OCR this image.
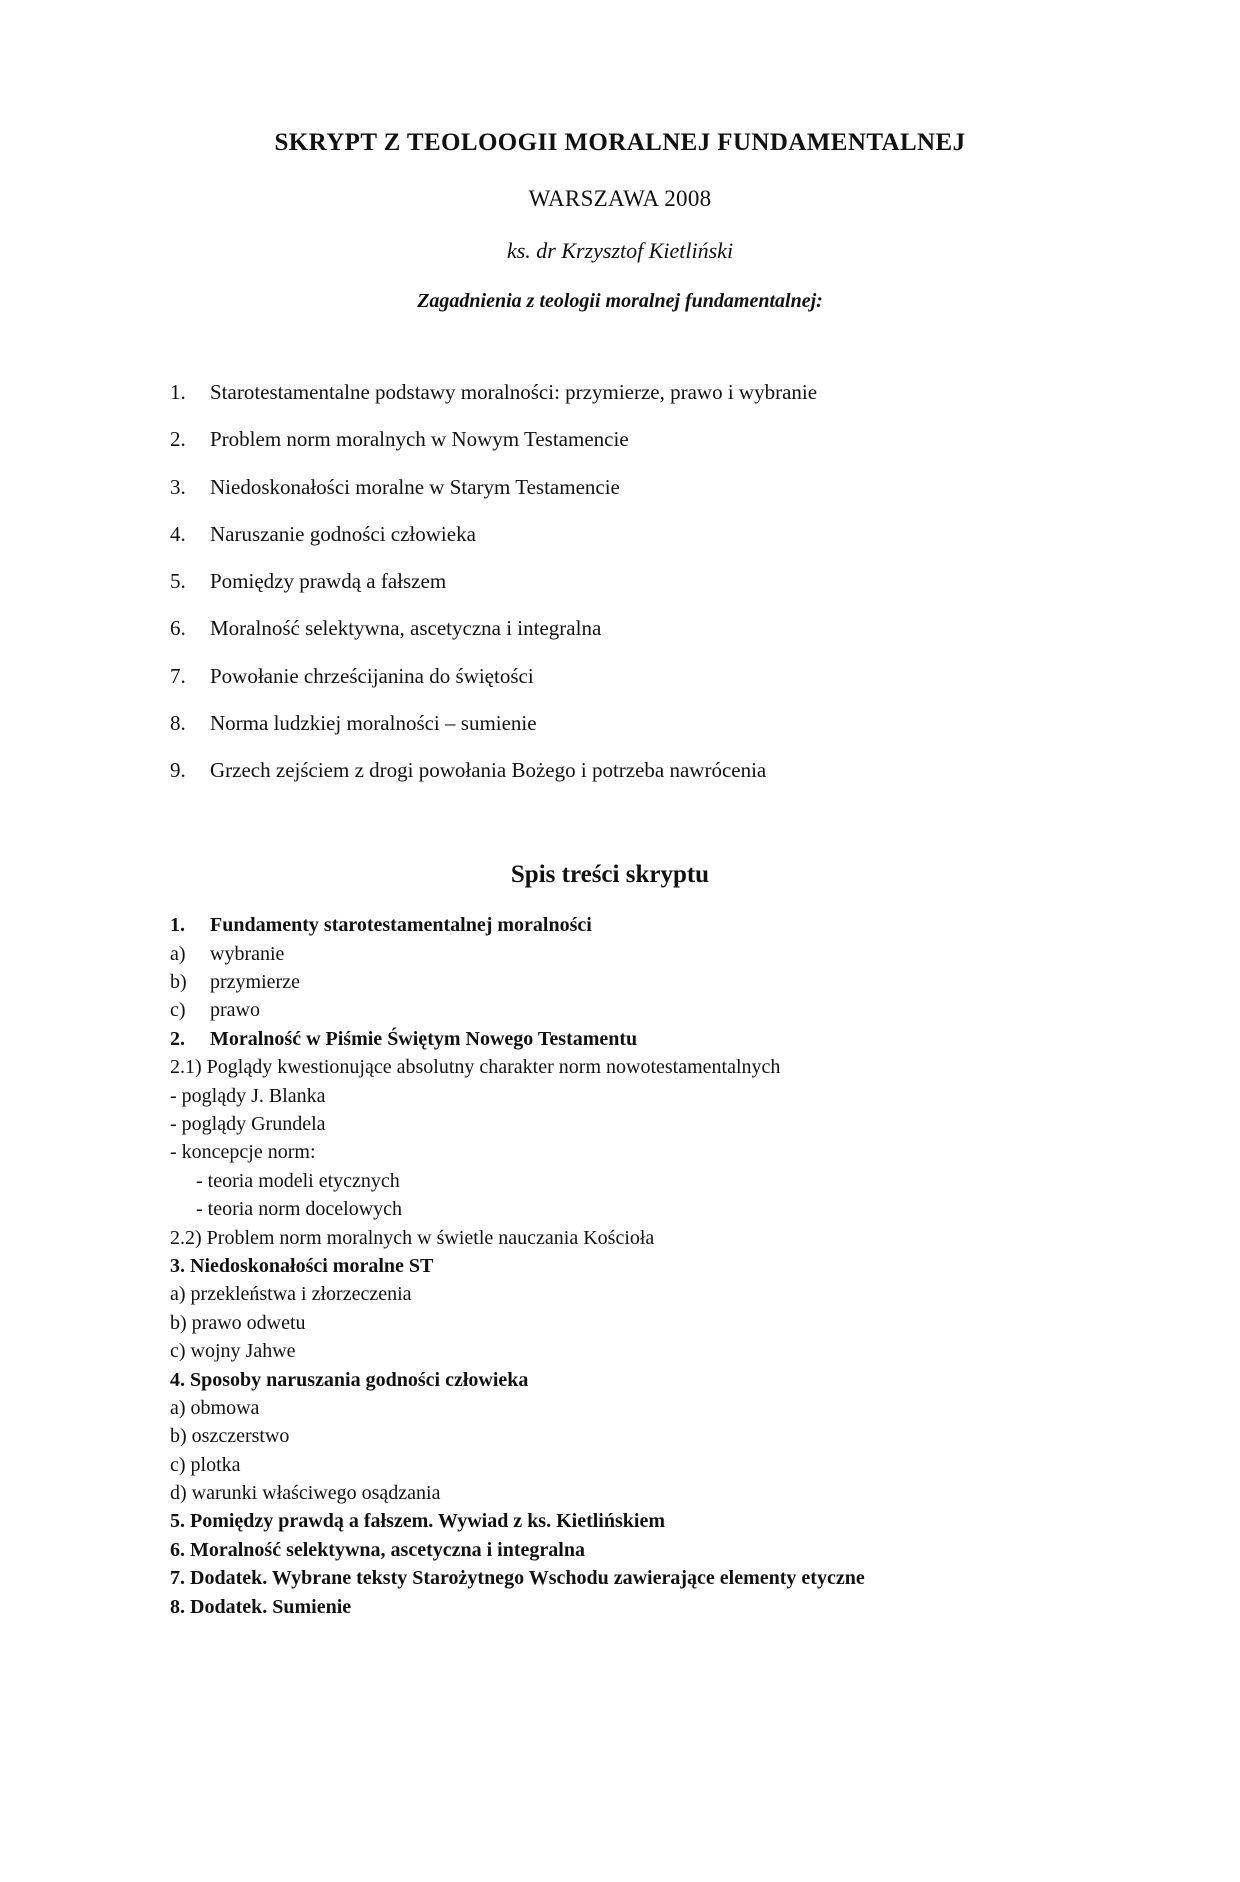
SKRYPT Z TEOLOOGII MORALNEJ FUNDAMENTALNEJ
WARSZAWA 2008
ks. dr Krzysztof Kietliński
Zagadnienia z teologii moralnej fundamentalnej:
1.	Starotestamentalne podstawy moralności: przymierze, prawo i wybranie
2.	Problem norm moralnych w Nowym Testamencie
3.	Niedoskonałości moralne w Starym Testamencie
4.	Naruszanie godności człowieka
5.	Pomiędzy prawdą a fałszem
6.	Moralność selektywna, ascetyczna i integralna
7.	Powołanie chrześcijanina do świętości
8.	Norma ludzkiej moralności – sumienie
9.	Grzech zejściem z drogi powołania Bożego i potrzeba nawrócenia
Spis treści skryptu
1.	Fundamenty starotestamentalnej moralności
a)	wybranie
b)	przymierze
c)	prawo
2.	Moralność w Piśmie Świętym Nowego Testamentu
2.1) Poglądy kwestionujące absolutny charakter norm nowotestamentalnych
- poglądy J. Blanka
- poglądy Grundela
- koncepcje norm:
- teoria modeli etycznych
- teoria norm docelowych
2.2) Problem norm moralnych w świetle nauczania Kościoła
3. Niedoskonałości moralne ST
a) przekleństwa i złorzeczenia
b) prawo odwetu
c) wojny Jahwe
4. Sposoby naruszania godności człowieka
a) obmowa
b) oszczerstwo
c) plotka
d) warunki właściwego osądzania
5. Pomiędzy prawdą a fałszem. Wywiad z ks. Kietlińskiem
6. Moralność selektywna, ascetyczna i integralna
7. Dodatek. Wybrane teksty Starożytnego Wschodu zawierające elementy etyczne
8. Dodatek. Sumienie
